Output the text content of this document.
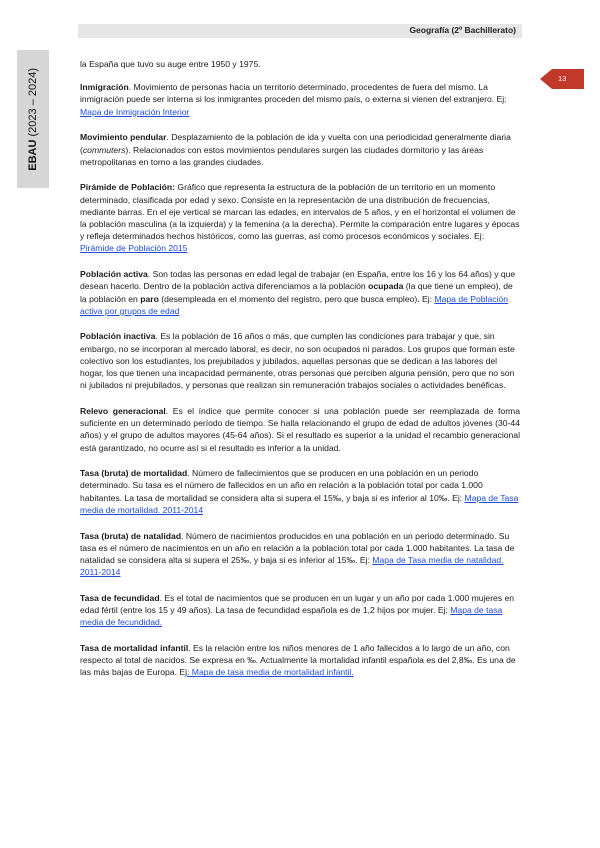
Geografía (2º Bachillerato)
EBAU (2023 – 2024)	13

la España que tuvo su auge entre 1950 y 1975.

Inmigración. Movimiento de personas hacia un territorio determinado, procedentes de fuera del mismo. La inmigración puede ser interna si los inmigrantes proceden del mismo país, o externa si vienen del extranjero. Ej: Mapa de Inmigración Interior

Movimiento pendular. Desplazamiento de la población de ida y vuelta con una periodicidad generalmente diaria (commuters). Relacionados con estos movimientos pendulares surgen las ciudades dormitorio y las áreas metropolitanas en torno a las grandes ciudades.

Pirámide de Población: Gráfico que representa la estructura de la población de un territorio en un momento determinado, clasificada por edad y sexo. Consiste en la representación de una distribución de frecuencias, mediante barras. En el eje vertical se marcan las edades, en intervalos de 5 años, y en el horizontal el volumen de la población masculina (a la izquierda) y la femenina (a la derecha). Permite la comparación entre lugares y épocas y refleja determinados hechos históricos, como las guerras, así como procesos económicos y sociales. Ej: Pirámide de Población 2015

Población activa. Son todas las personas en edad legal de trabajar (en España, entre los 16 y los 64 años) y que desean hacerlo. Dentro de la población activa diferenciamos a la población ocupada (la que tiene un empleo), de la población en paro (desempleada en el momento del registro, pero que busca empleo). Ej: Mapa de Población activa por grupos de edad

Población inactiva. Es la población de 16 años o más, que cumplen las condiciones para trabajar y que, sin embargo, no se incorporan al mercado laboral, es decir, no son ocupados ni parados. Los grupos que forman este colectivo son los estudiantes, los prejubilados y jubilados, aquellas personas que se dedican a las labores del hogar, los que tienen una incapacidad permanente, otras personas que perciben alguna pensión, pero que no son ni jubilados ni prejubilados, y personas que realizan sin remuneración trabajos sociales o actividades benéficas.

Relevo generacional. Es el índice que permite conocer si una población puede ser reemplazada de forma suficiente en un determinado período de tiempo. Se halla relacionando el grupo de edad de adultos jóvenes (30-44 años) y el grupo de adultos mayores (45-64 años). Si el resultado es superior a la unidad el recambio generacional está garantizado, no ocurre así si el resultado es inferior a la unidad.

Tasa (bruta) de mortalidad. Número de fallecimientos que se producen en una población en un periodo determinado. Su tasa es el número de fallecidos en un año en relación a la población total por cada 1.000 habitantes. La tasa de mortalidad se considera alta si supera el 15‰, y baja si es inferior al 10‰. Ej: Mapa de Tasa media de mortalidad. 2011-2014

Tasa (bruta) de natalidad. Número de nacimientos producidos en una población en un periodo determinado. Su tasa es el número de nacimientos en un año en relación a la población total por cada 1.000 habitantes. La tasa de natalidad se considera alta si supera el 25‰, y baja si es inferior al 15‰. Ej: Mapa de Tasa media de natalidad. 2011-2014

Tasa de fecundidad. Es el total de nacimientos que se producen en un lugar y un año por cada 1.000 mujeres en edad fértil (entre los 15 y 49 años). La tasa de fecundidad española es de 1,2 hijos por mujer. Ej: Mapa de tasa media de fecundidad.

Tasa de mortalidad infantil. Es la relación entre los niños menores de 1 año fallecidos a lo largo de un año, con respecto al total de nacidos. Se expresa en ‰. Actualmente la mortalidad infantil española es del 2,8‰. Es una de las más bajas de Europa. Ej: Mapa de tasa media de mortalidad infantil.
